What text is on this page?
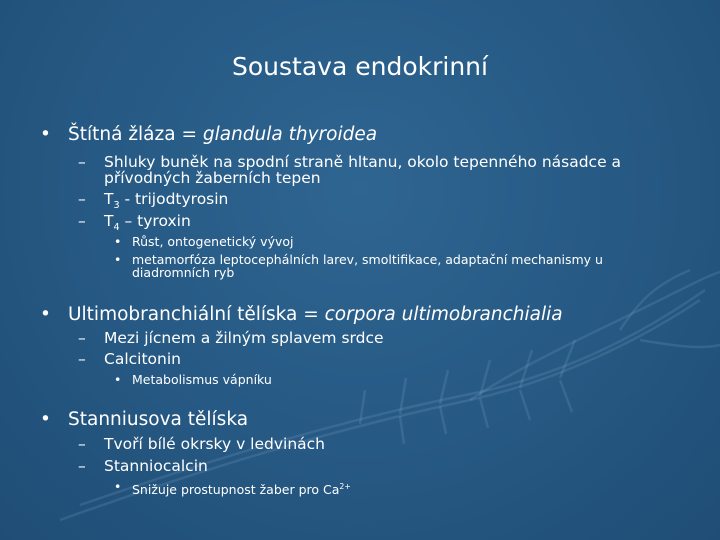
Soustava endokrinní
• Štítná žláza = glandula thyroidea
– Shluky buněk na spodní straně hltanu, okolo tepenného násadce a
přívodných žaberních tepen
– $T_3$ - trijodtyrosin
– $T_4$ – tyroxin
• Růst, ontogenetický vývoj
• metamorfóza leptocephálních larev, smoltifikace, adaptační mechanismy u
diadromních ryb
• Ultimobranchiální tělíska = corpora ultimobranchialia
– Mezi jícnem a žilným splavem srdce
– Calcitonin
• Metabolismus vápníku
• Stanniusova tělíska
– Tvoří bílé okrsky v ledvinách
– Stanniocalcin
• Snižuje prostupnost žaber pro $Ca^{2+}$
